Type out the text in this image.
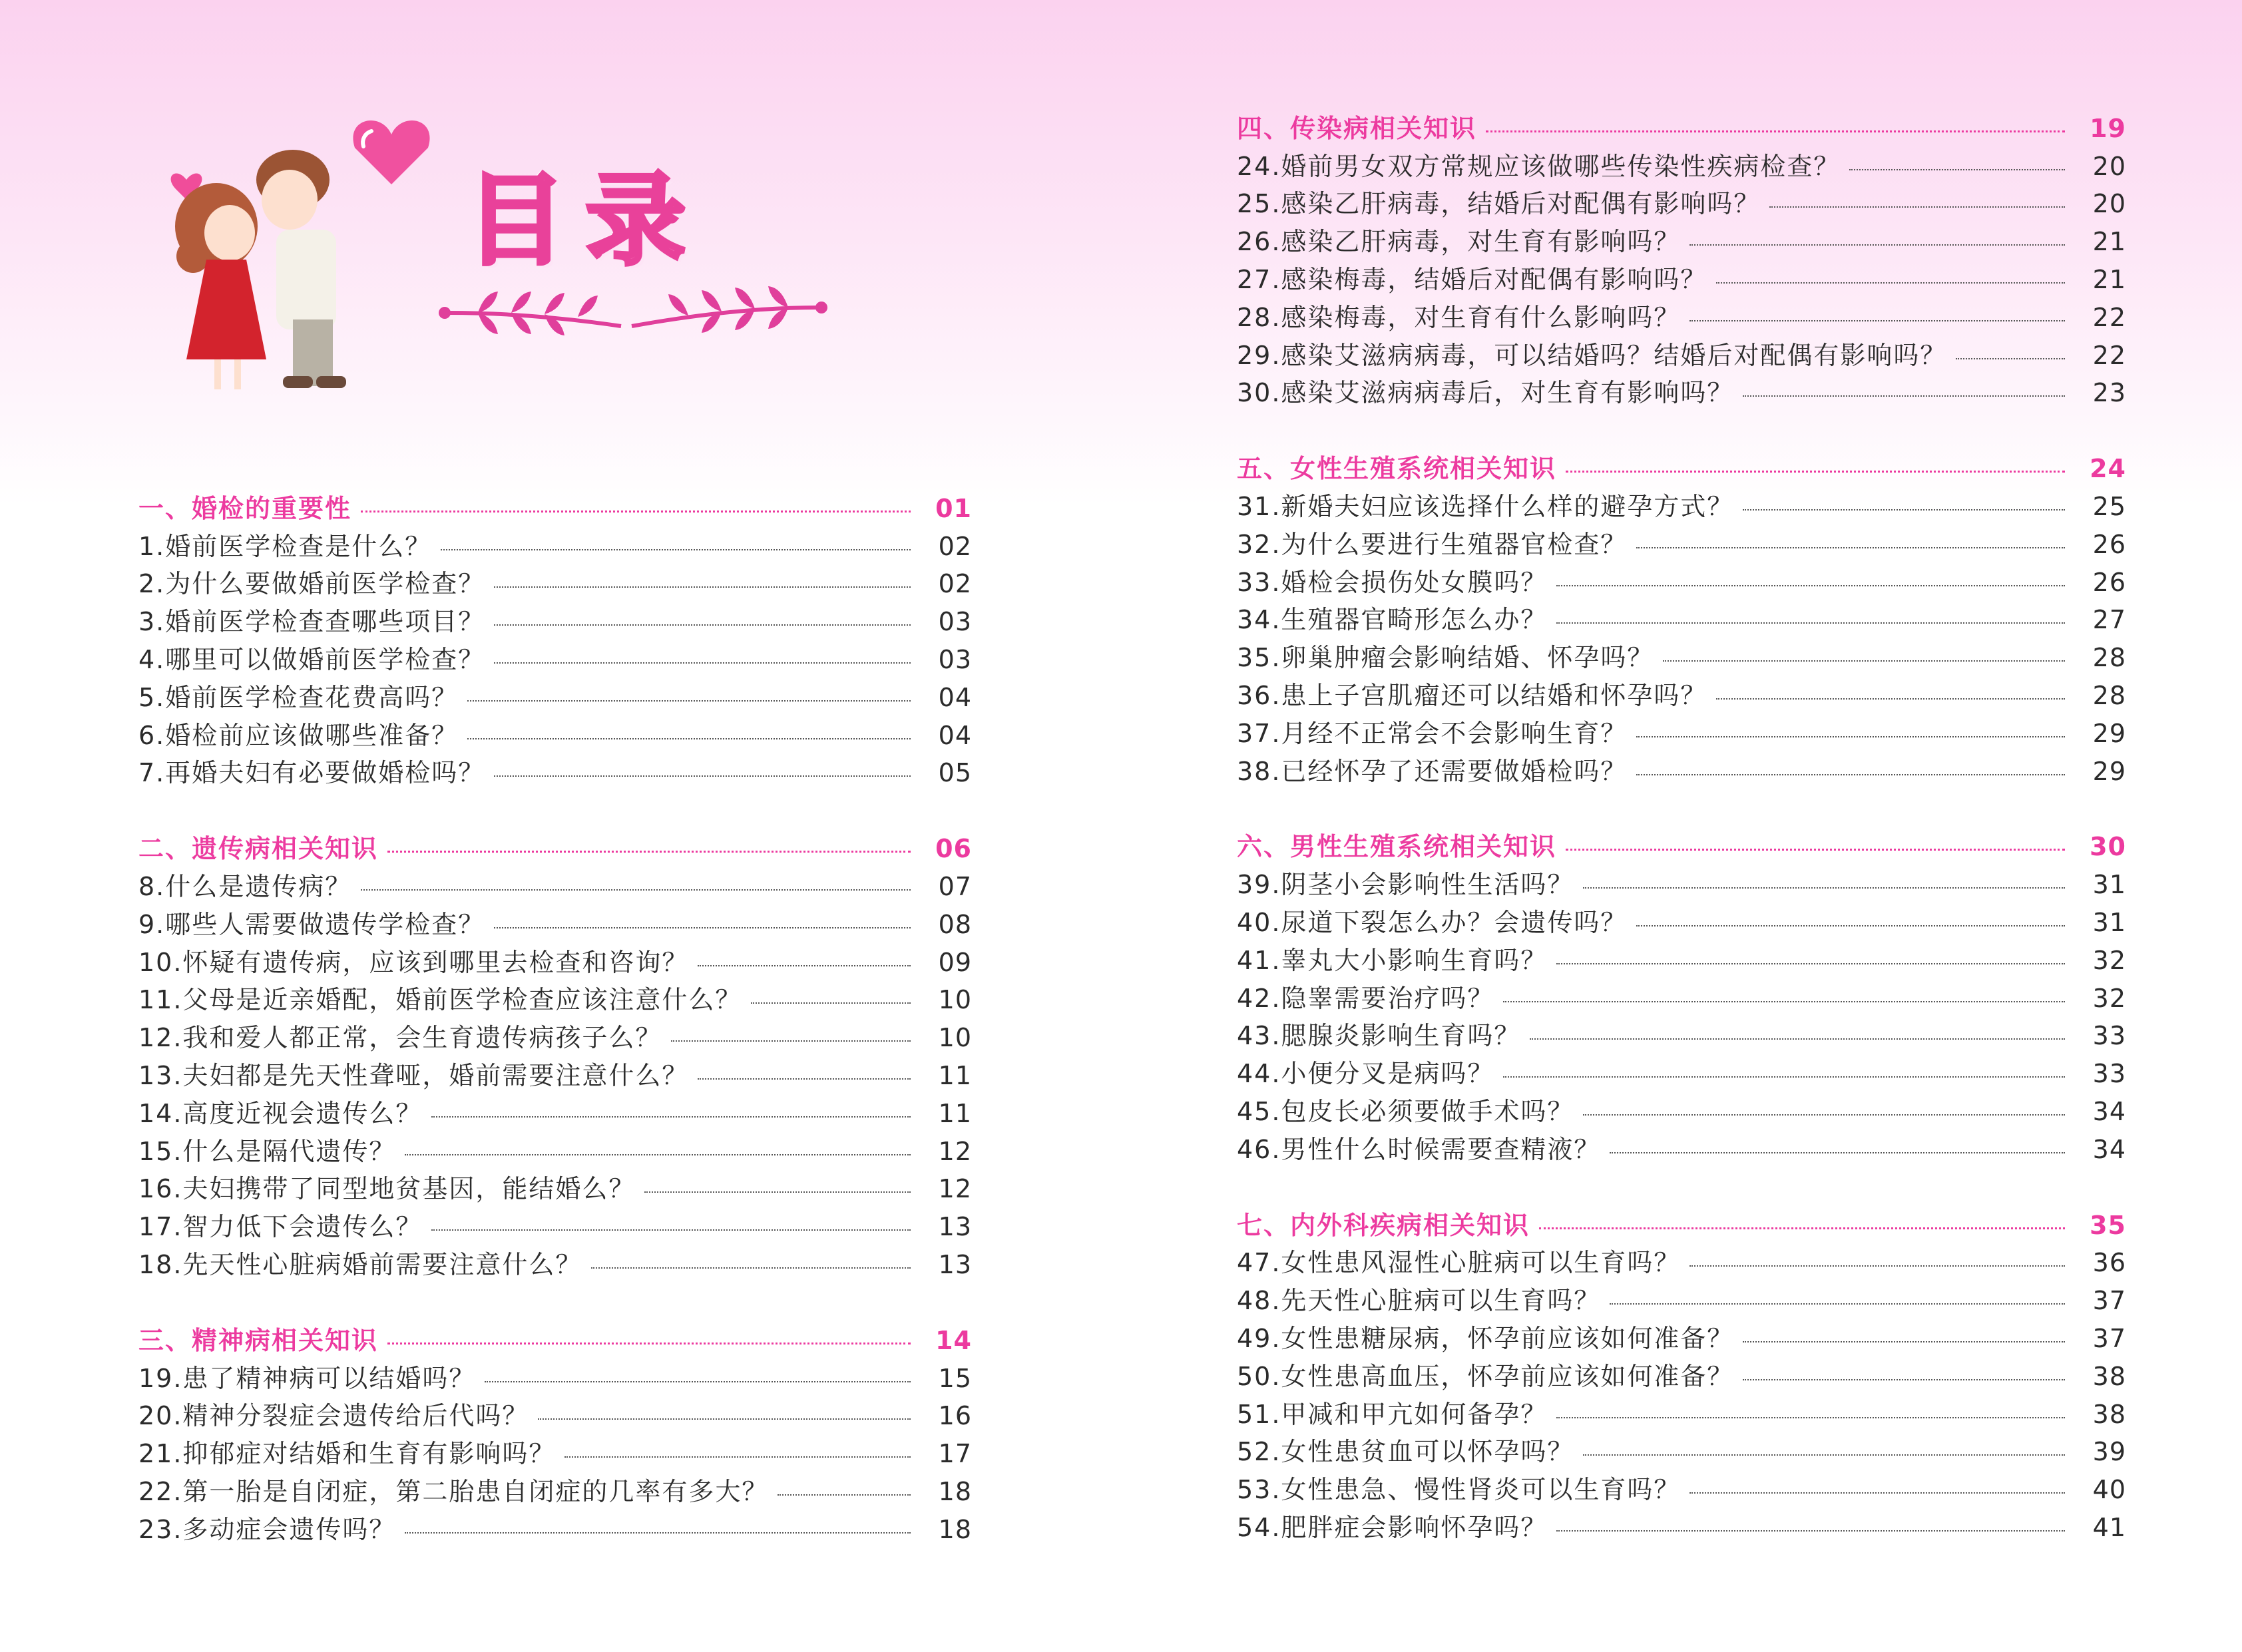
目录
一、婚检的重要性	01
1.婚前医学检查是什么？	02
2.为什么要做婚前医学检查？	02
3.婚前医学检查查哪些项目？	03
4.哪里可以做婚前医学检查？	03
5.婚前医学检查花费高吗？	04
6.婚检前应该做哪些准备？	04
7.再婚夫妇有必要做婚检吗？	05
二、遗传病相关知识	06
8.什么是遗传病？	07
9.哪些人需要做遗传学检查？	08
10.怀疑有遗传病，应该到哪里去检查和咨询？	09
11.父母是近亲婚配，婚前医学检查应该注意什么？	10
12.我和爱人都正常，会生育遗传病孩子么？	10
13.夫妇都是先天性聋哑，婚前需要注意什么？	11
14.高度近视会遗传么？	11
15.什么是隔代遗传？	12
16.夫妇携带了同型地贫基因，能结婚么？	12
17.智力低下会遗传么？	13
18.先天性心脏病婚前需要注意什么？	13
三、精神病相关知识	14
19.患了精神病可以结婚吗？	15
20.精神分裂症会遗传给后代吗？	16
21.抑郁症对结婚和生育有影响吗？	17
22.第一胎是自闭症，第二胎患自闭症的几率有多大？	18
23.多动症会遗传吗？	18
四、传染病相关知识	19
24.婚前男女双方常规应该做哪些传染性疾病检查？	20
25.感染乙肝病毒，结婚后对配偶有影响吗？	20
26.感染乙肝病毒，对生育有影响吗？	21
27.感染梅毒，结婚后对配偶有影响吗？	21
28.感染梅毒，对生育有什么影响吗？	22
29.感染艾滋病病毒，可以结婚吗？结婚后对配偶有影响吗？	22
30.感染艾滋病病毒后，对生育有影响吗？	23
五、女性生殖系统相关知识	24
31.新婚夫妇应该选择什么样的避孕方式？	25
32.为什么要进行生殖器官检查？	26
33.婚检会损伤处女膜吗？	26
34.生殖器官畸形怎么办？	27
35.卵巢肿瘤会影响结婚、怀孕吗？	28
36.患上子宫肌瘤还可以结婚和怀孕吗？	28
37.月经不正常会不会影响生育？	29
38.已经怀孕了还需要做婚检吗？	29
六、男性生殖系统相关知识	30
39.阴茎小会影响性生活吗？	31
40.尿道下裂怎么办？会遗传吗？	31
41.睾丸大小影响生育吗？	32
42.隐睾需要治疗吗？	32
43.腮腺炎影响生育吗？	33
44.小便分叉是病吗？	33
45.包皮长必须要做手术吗？	34
46.男性什么时候需要查精液？	34
七、内外科疾病相关知识	35
47.女性患风湿性心脏病可以生育吗？	36
48.先天性心脏病可以生育吗？	37
49.女性患糖尿病，怀孕前应该如何准备？	37
50.女性患高血压，怀孕前应该如何准备？	38
51.甲减和甲亢如何备孕？	38
52.女性患贫血可以怀孕吗？	39
53.女性患急、慢性肾炎可以生育吗？	40
54.肥胖症会影响怀孕吗？	41
